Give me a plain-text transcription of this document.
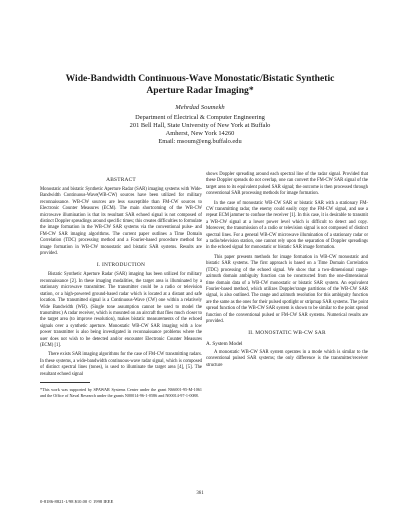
Wide-Bandwidth Continuous-Wave Monostatic/Bistatic Synthetic
Aperture Radar Imaging*
Mehrdad Soumekh
Department of Electrical & Computer Engineering
201 Bell Hall, State University of New York at Buffalo
Amherst, New York 14260
Email: msoum@eng.buffalo.edu
ABSTRACT

Monostatic and bistatic Synthetic Aperture Radar (SAR) imaging systems with Wide-Bandwidth Continuous-Wave(WB-CW) sources have been utilized for military reconnaissance. WB-CW sources are less susceptible than FM-CW sources to Electronic Counter Measures (ECM). The main shortcoming of the WB-CW microwave illumination is that its resultant SAR echoed signal is not composed of distinct Doppler spreadings around specific times; this creates difficulties to formulate the image formation in the WB-CW SAR systems via the conventional pulse- and FM-CW SAR imaging algorithms. The current paper outlines a Time Domain Correlation (TDC) processing method and a Fourier-based procedure method for image formation in WB-CW monostatic and bistatic SAR systems. Results are provided.

I. INTRODUCTION

Bistatic Synthetic Aperture Radar (SAR) imaging has been utilized for military reconnaissance [2]. In these imaging modalities, the target area is illuminated by a stationary microwave transmitter. The transmitter could be a radio or television station, or a high-powered ground-based radar which is located at a distant and safe location. The transmitted signal is a Continuous-Wave (CW) one within a relatively Wide Bandwidth (WB). (Single tone assumption cannot be used to model the transmitter.) A radar receiver, which is mounted on an aircraft that flies much closer to the target area (to improve resolution), makes bistatic measurements of the echoed signals over a synthetic aperture. Monostatic WB-CW SAR imaging with a low power transmitter is also being investigated in reconnaissance problems where the user does not wish to be detected and/or encounter Electronic Counter Measures (ECM) [1].

There exists SAR imaging algorithms for the case of FM-CW transmitting radars. In these systems, a wide-bandwidth continuous-wave radar signal, which is composed of distinct spectral lines (tones), is used to illuminate the target area [4], [5]. The resultant echoed signal

*This work was supported by SPAWAR Systems Center under the grant N66001-95-M-1061 and the Office of Naval Research under the grants N00014-96-1-0586 and N00014-97-1-0088.

shows Doppler spreading around each spectral line of the radar signal. Provided that these Doppler spreads do not overlap, one can convert the FM-CW SAR signal of the target area to its equivalent pulsed SAR signal; the outcome is then processed through conventional SAR processing methods for image formation.

In the case of monostatic WB-CW SAR or bistatic SAR with a stationary FM-CW transmitting radar, the enemy could easily copy the FM-CW signal, and use a repeat ECM jammer to confuse the receiver [1]. In this case, it is desirable to transmit a WB-CW signal at a lower power level which is difficult to detect and copy. Moreover, the transmission of a radio or television signal is not composed of distinct spectral lines. For a general WB-CW microwave illumination of a stationary radar or a radio/television station, one cannot rely upon the separation of Doppler spreadings in the echoed signal for monostatic or bistatic SAR image formation.

This paper presents methods for image formation in WB-CW monostatic and bistatic SAR systems. The first approach is based on a Time Domain Correlation (TDC) processing of the echoed signal. We show that a two-dimensional range-azimuth domain ambiguity function can be constructed from the one-dimensional time domain data of a WB-CW monostatic or bistatic SAR system. An equivalent Fourier-based method, which utilizes Doppler/range partitions of the WB-CW SAR signal, is also outlined. The range and azimuth resolution for this ambiguity function are the same as the ones for their pulsed spotlight or stripmap SAR systems. The point spread function of the WB-CW SAR system is shown to be similar to the point spread function of the conventional pulsed or FM-CW SAR systems. Numerical results are provided.

II. MONOSTATIC WB-CW SAR
A. System Model

A monostatic WB-CW SAR system operates in a mode which is similar to the conventional pulsed SAR systems; the only difference is the transmitter/receiver structure

361
0-8186-8821-1/98 $10.00 © 1998 IEEE
